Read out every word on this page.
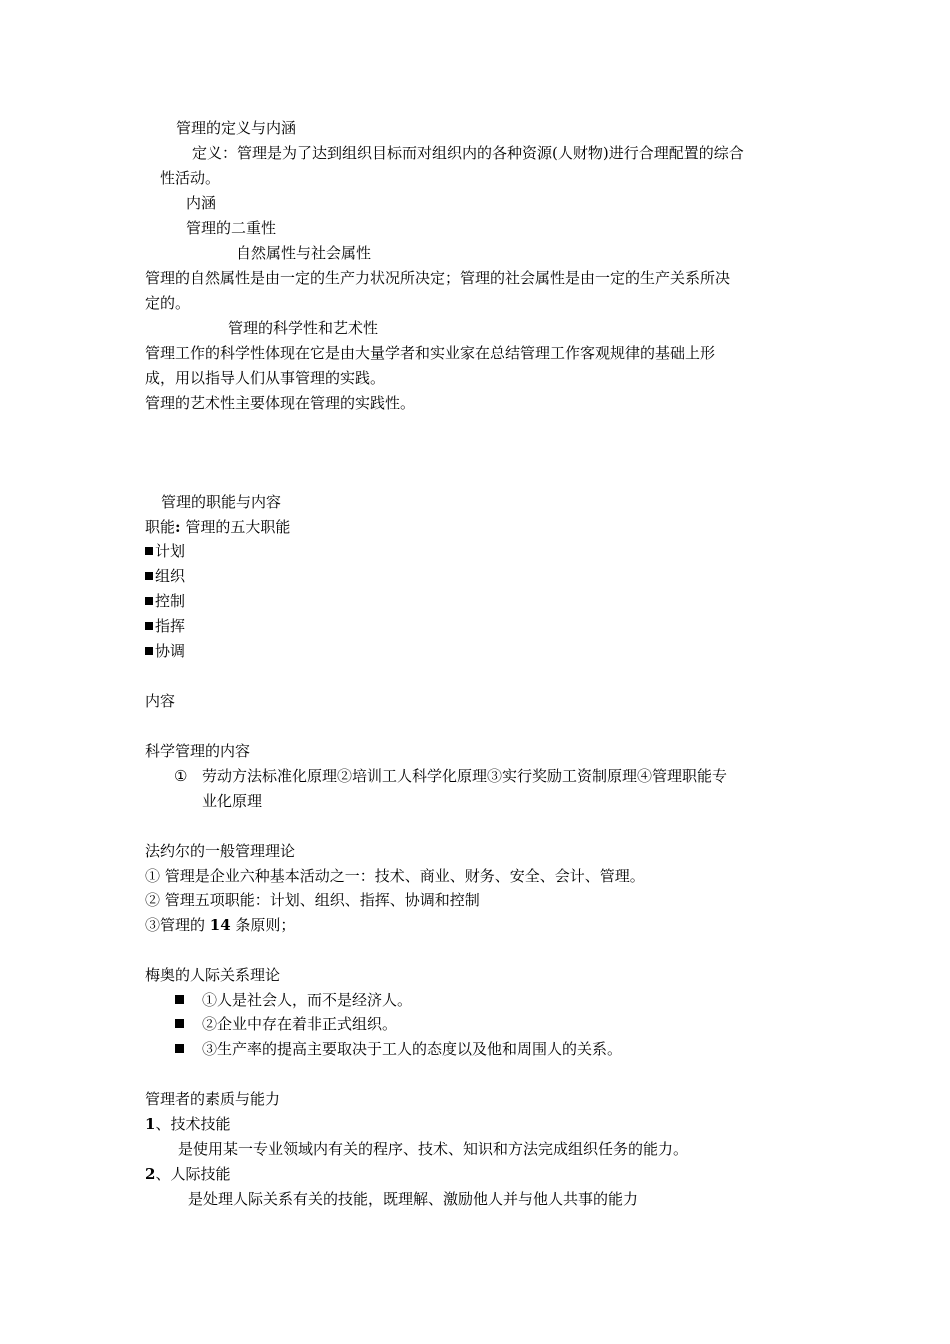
管理的定义与内涵
定义：管理是为了达到组织目标而对组织内的各种资源(人财物)进行合理配置的综合
性活动。
内涵
管理的二重性
自然属性与社会属性
管理的自然属性是由一定的生产力状况所决定；管理的社会属性是由一定的生产关系所决
定的。
管理的科学性和艺术性
管理工作的科学性体现在它是由大量学者和实业家在总结管理工作客观规律的基础上形
成，用以指导人们从事管理的实践。
管理的艺术性主要体现在管理的实践性。
管理的职能与内容
职能: 管理的五大职能
计划
组织
控制
指挥
协调
内容
科学管理的内容
① 劳动方法标准化原理②培训工人科学化原理③实行奖励工资制原理④管理职能专
业化原理
法约尔的一般管理理论
① 管理是企业六种基本活动之一：技术、商业、财务、安全、会计、管理。
② 管理五项职能：计划、组织、指挥、协调和控制
③管理的 14 条原则；
梅奥的人际关系理论
①人是社会人，而不是经济人。
②企业中存在着非正式组织。
③生产率的提高主要取决于工人的态度以及他和周围人的关系。
管理者的素质与能力
1、技术技能
是使用某一专业领域内有关的程序、技术、知识和方法完成组织任务的能力。
2、人际技能
是处理人际关系有关的技能，既理解、激励他人并与他人共事的能力
